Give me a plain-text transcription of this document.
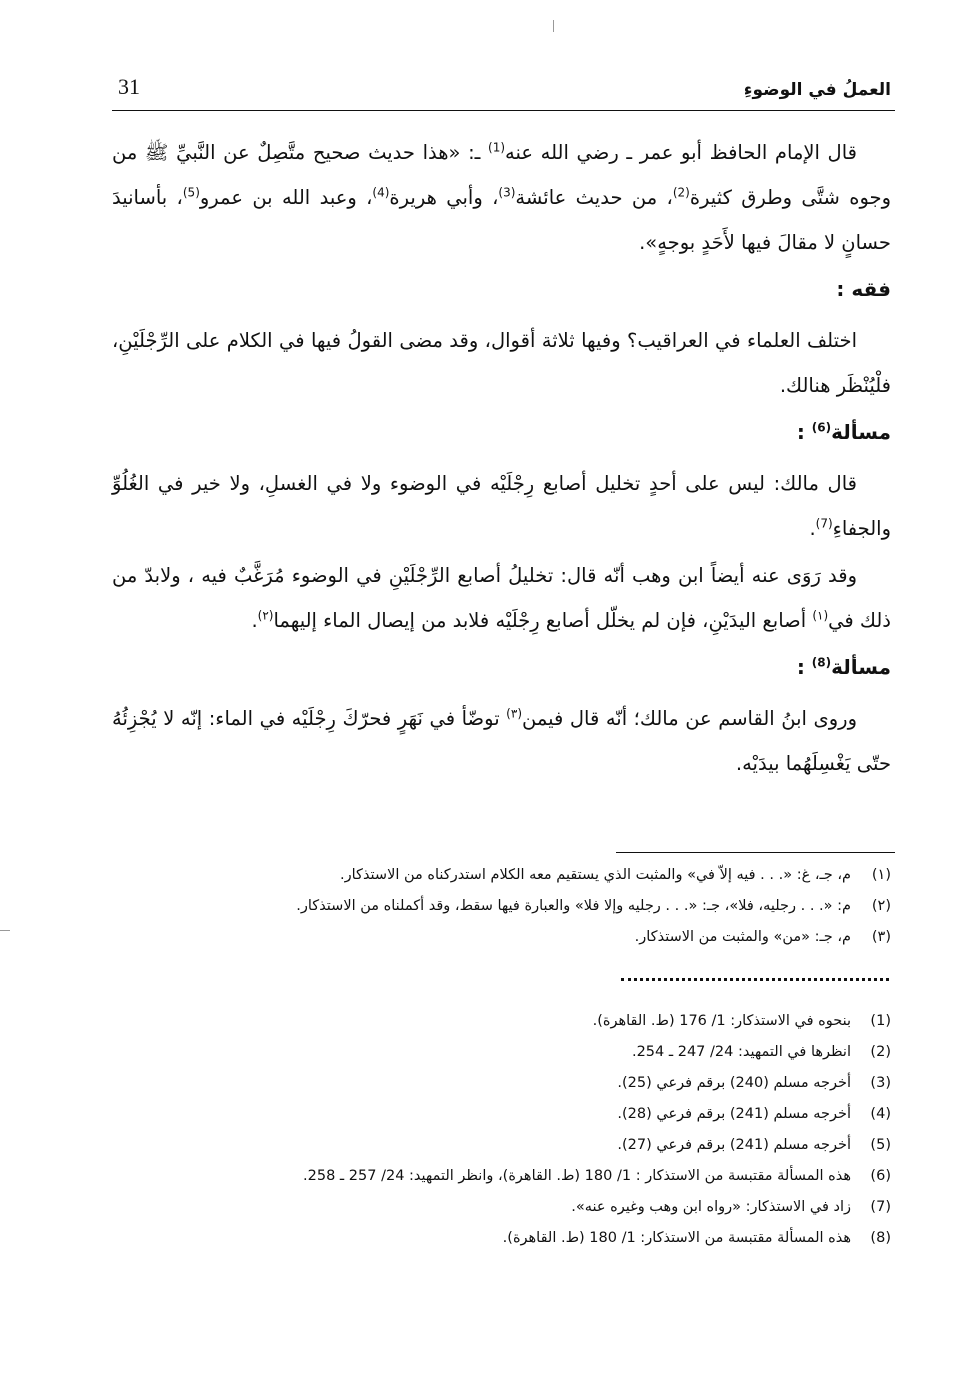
31	العملُ في الوضوءِ

قال الإمام الحافظ أبو عمر ـ رضي الله عنه$^{(1)}$ ـ: «هذا حديث صحيح متَّصِلٌ عن النَّبيِّ ﷺ من وجوه شتَّى وطرق كثيرة$^{(2)}$، من حديث عائشة$^{(3)}$، وأبي هريرة$^{(4)}$، وعبد الله بن عمرو$^{(5)}$، بأسانيدَ حسانٍ لا مقالَ فيها لأَحَدٍ بوجهٍ».

فقه :

اختلف العلماء في العراقيب؟ وفيها ثلاثة أقوال، وقد مضى القولُ فيها في الكلام على الرِّجْلَيْنِ، فلْيُنْظَر هنالك.

مسألة$^{(6)}$ :

قال مالك: ليس على أحدٍ تخليل أصابع رِجْلَيْه في الوضوء ولا في الغسلِ، ولا خير في الغُلُوِّ والجفاءِ$^{(7)}$.

وقد رَوَى عنه أيضاً ابن وهب أنّه قال: تخليلُ أصابع الرِّجْلَيْنِ في الوضوء مُرَغَّبٌ فيه ، ولابدّ من ذلك في$^{(١)}$ أصابع اليدَيْنِ، فإن لم يخلّل أصابع رِجْلَيْه فلابد من إيصال الماء إليهما$^{(٢)}$.

مسألة$^{(8)}$ :

وروى ابنُ القاسم عن مالك؛ أنّه قال فيمن$^{(٣)}$ توضّأ في نَهَرٍ فحرّكَ رِجْلَيْه في الماء: إنّه لا يُجْزِئُهُ حتّى يَغْسِلَهُما بيدَيْه.

(١)
م، جـ، غ: «. . . فيه إلاّ في» والمثبت الذي يستقيم معه الكلام استدركناه من الاستذكار.
(٢)
م: «. . . رجليه، فلا»، جـ: «. . . رجليه وإلا فلا» والعبارة فيها سقط، وقد أكملناه من الاستذكار.
(٣)
م، جـ: «من» والمثبت من الاستذكار.
(1)
بنحوه في الاستذكار: 1/ 176 (ط. القاهرة).
(2)
انظرها في التمهيد: 24/ 247 ـ 254.
(3)
أخرجه مسلم (240) برقم فرعي (25).
(4)
أخرجه مسلم (241) برقم فرعي (28).
(5)
أخرجه مسلم (241) برقم فرعي (27).
(6)
هذه المسألة مقتبسة من الاستذكار : 1/ 180 (ط. القاهرة)، وانظر التمهيد: 24/ 257 ـ 258.
(7)
زاد في الاستذكار: «رواه ابن وهب وغيره عنه».
(8)
هذه المسألة مقتبسة من الاستذكار: 1/ 180 (ط. القاهرة).
